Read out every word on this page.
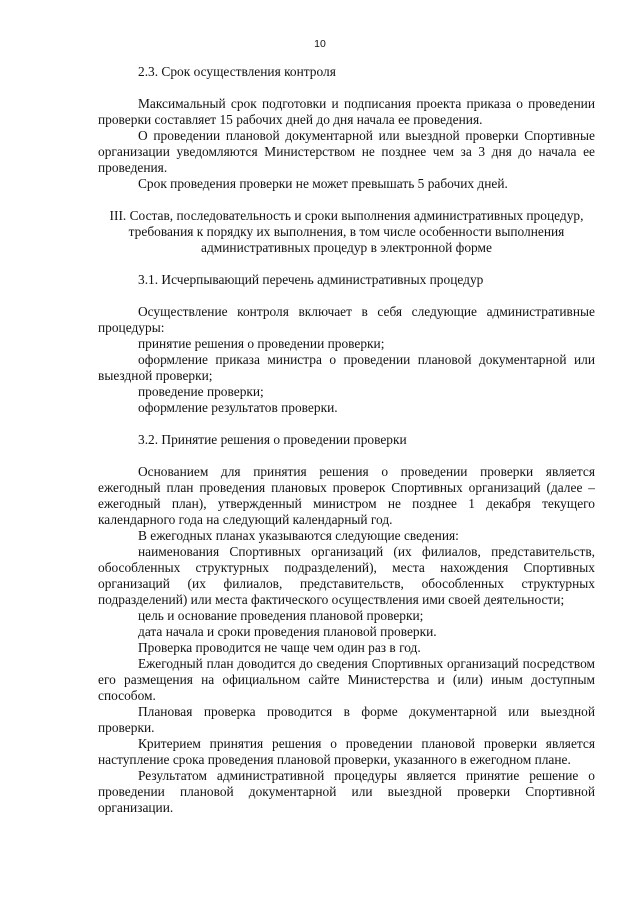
10

2.3. Срок осуществления контроля

Максимальный срок подготовки и подписания проекта приказа о проведении проверки составляет 15 рабочих дней до дня начала ее проведения.

О проведении плановой документарной или выездной проверки Спортивные организации уведомляются Министерством не позднее чем за 3 дня до начала ее проведения.

Срок проведения проверки не может превышать 5 рабочих дней.

III. Состав, последовательность и сроки выполнения административных процедур,

требования к порядку их выполнения, в том числе особенности выполнения

административных процедур в электронной форме

3.1. Исчерпывающий перечень административных процедур

Осуществление контроля включает в себя следующие административные процедуры:

принятие решения о проведении проверки;

оформление приказа министра о проведении плановой документарной или выездной проверки;

проведение проверки;

оформление результатов проверки.

3.2. Принятие решения о проведении проверки

Основанием для принятия решения о проведении проверки является ежегодный план проведения плановых проверок Спортивных организаций (далее – ежегодный план), утвержденный министром не позднее 1 декабря текущего календарного года на следующий календарный год.

В ежегодных планах указываются следующие сведения:

наименования Спортивных организаций (их филиалов, представительств, обособленных структурных подразделений), места нахождения Спортивных организаций (их филиалов, представительств, обособленных структурных подразделений) или места фактического осуществления ими своей деятельности;

цель и основание проведения плановой проверки;

дата начала и сроки проведения плановой проверки.

Проверка проводится не чаще чем один раз в год.

Ежегодный план доводится до сведения Спортивных организаций посредством его размещения на официальном сайте Министерства и (или) иным доступным способом.

Плановая проверка проводится в форме документарной или выездной проверки.

Критерием принятия решения о проведении плановой проверки является наступление срока проведения плановой проверки, указанного в ежегодном плане.

Результатом административной процедуры является принятие решение о проведении плановой документарной или выездной проверки Спортивной организации.
